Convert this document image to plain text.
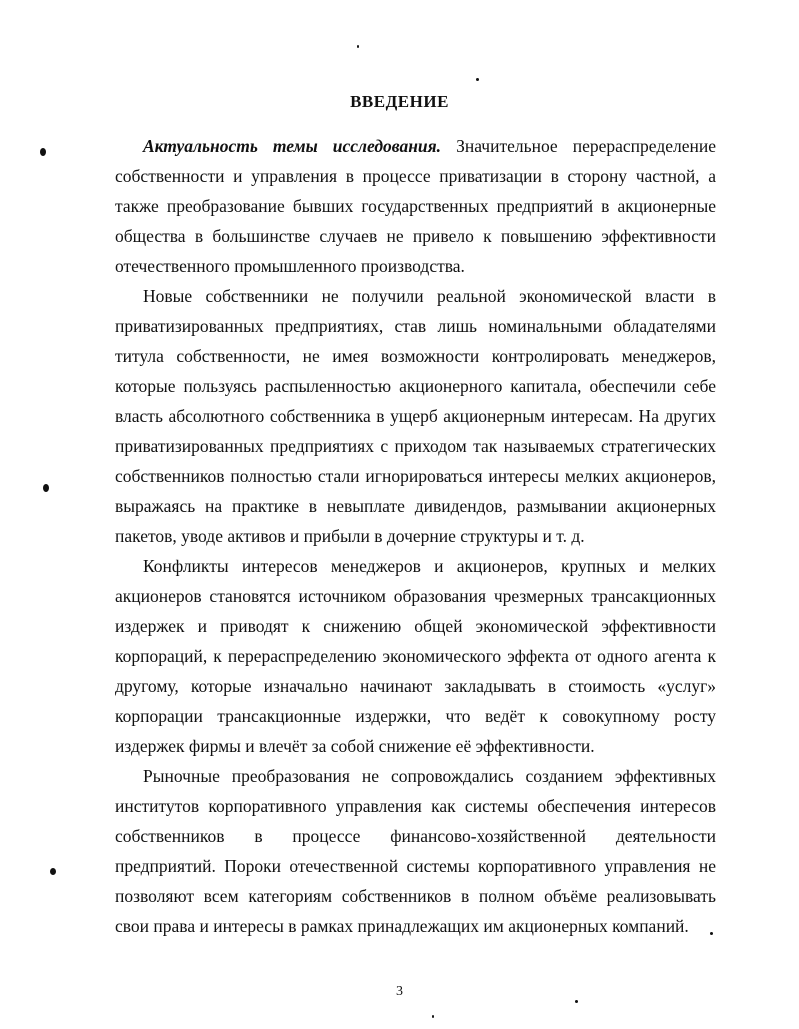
ВВЕДЕНИЕ
Актуальность темы исследования. Значительное перераспределение
собственности и управления в процессе приватизации в сторону частной, а
также преобразование бывших государственных предприятий в акционерные
общества в большинстве случаев не привело к повышению эффективности
отечественного промышленного производства.
Новые собственники не получили реальной экономической власти в
приватизированных предприятиях, став лишь номинальными обладателями
титула собственности, не имея возможности контролировать менеджеров,
которые пользуясь распыленностью акционерного капитала, обеспечили себе
власть абсолютного собственника в ущерб акционерным интересам. На других
приватизированных предприятиях с приходом так называемых стратегических
собственников полностью стали игнорироваться интересы мелких акционеров,
выражаясь на практике в невыплате дивидендов, размывании акционерных
пакетов, уводе активов и прибыли в дочерние структуры и т. д.
Конфликты интересов менеджеров и акционеров, крупных и мелких
акционеров становятся источником образования чрезмерных трансакционных
издержек и приводят к снижению общей экономической эффективности
корпораций, к перераспределению экономического эффекта от одного агента к
другому, которые изначально начинают закладывать в стоимость «услуг»
корпорации трансакционные издержки, что ведёт к совокупному росту
издержек фирмы и влечёт за собой снижение её эффективности.
Рыночные преобразования не сопровождались созданием эффективных
институтов корпоративного управления как системы обеспечения интересов
собственников в процессе финансово-хозяйственной деятельности
предприятий. Пороки отечественной системы корпоративного управления не
позволяют всем категориям собственников в полном объёме реализовывать
свои права и интересы в рамках принадлежащих им акционерных компаний.
3
